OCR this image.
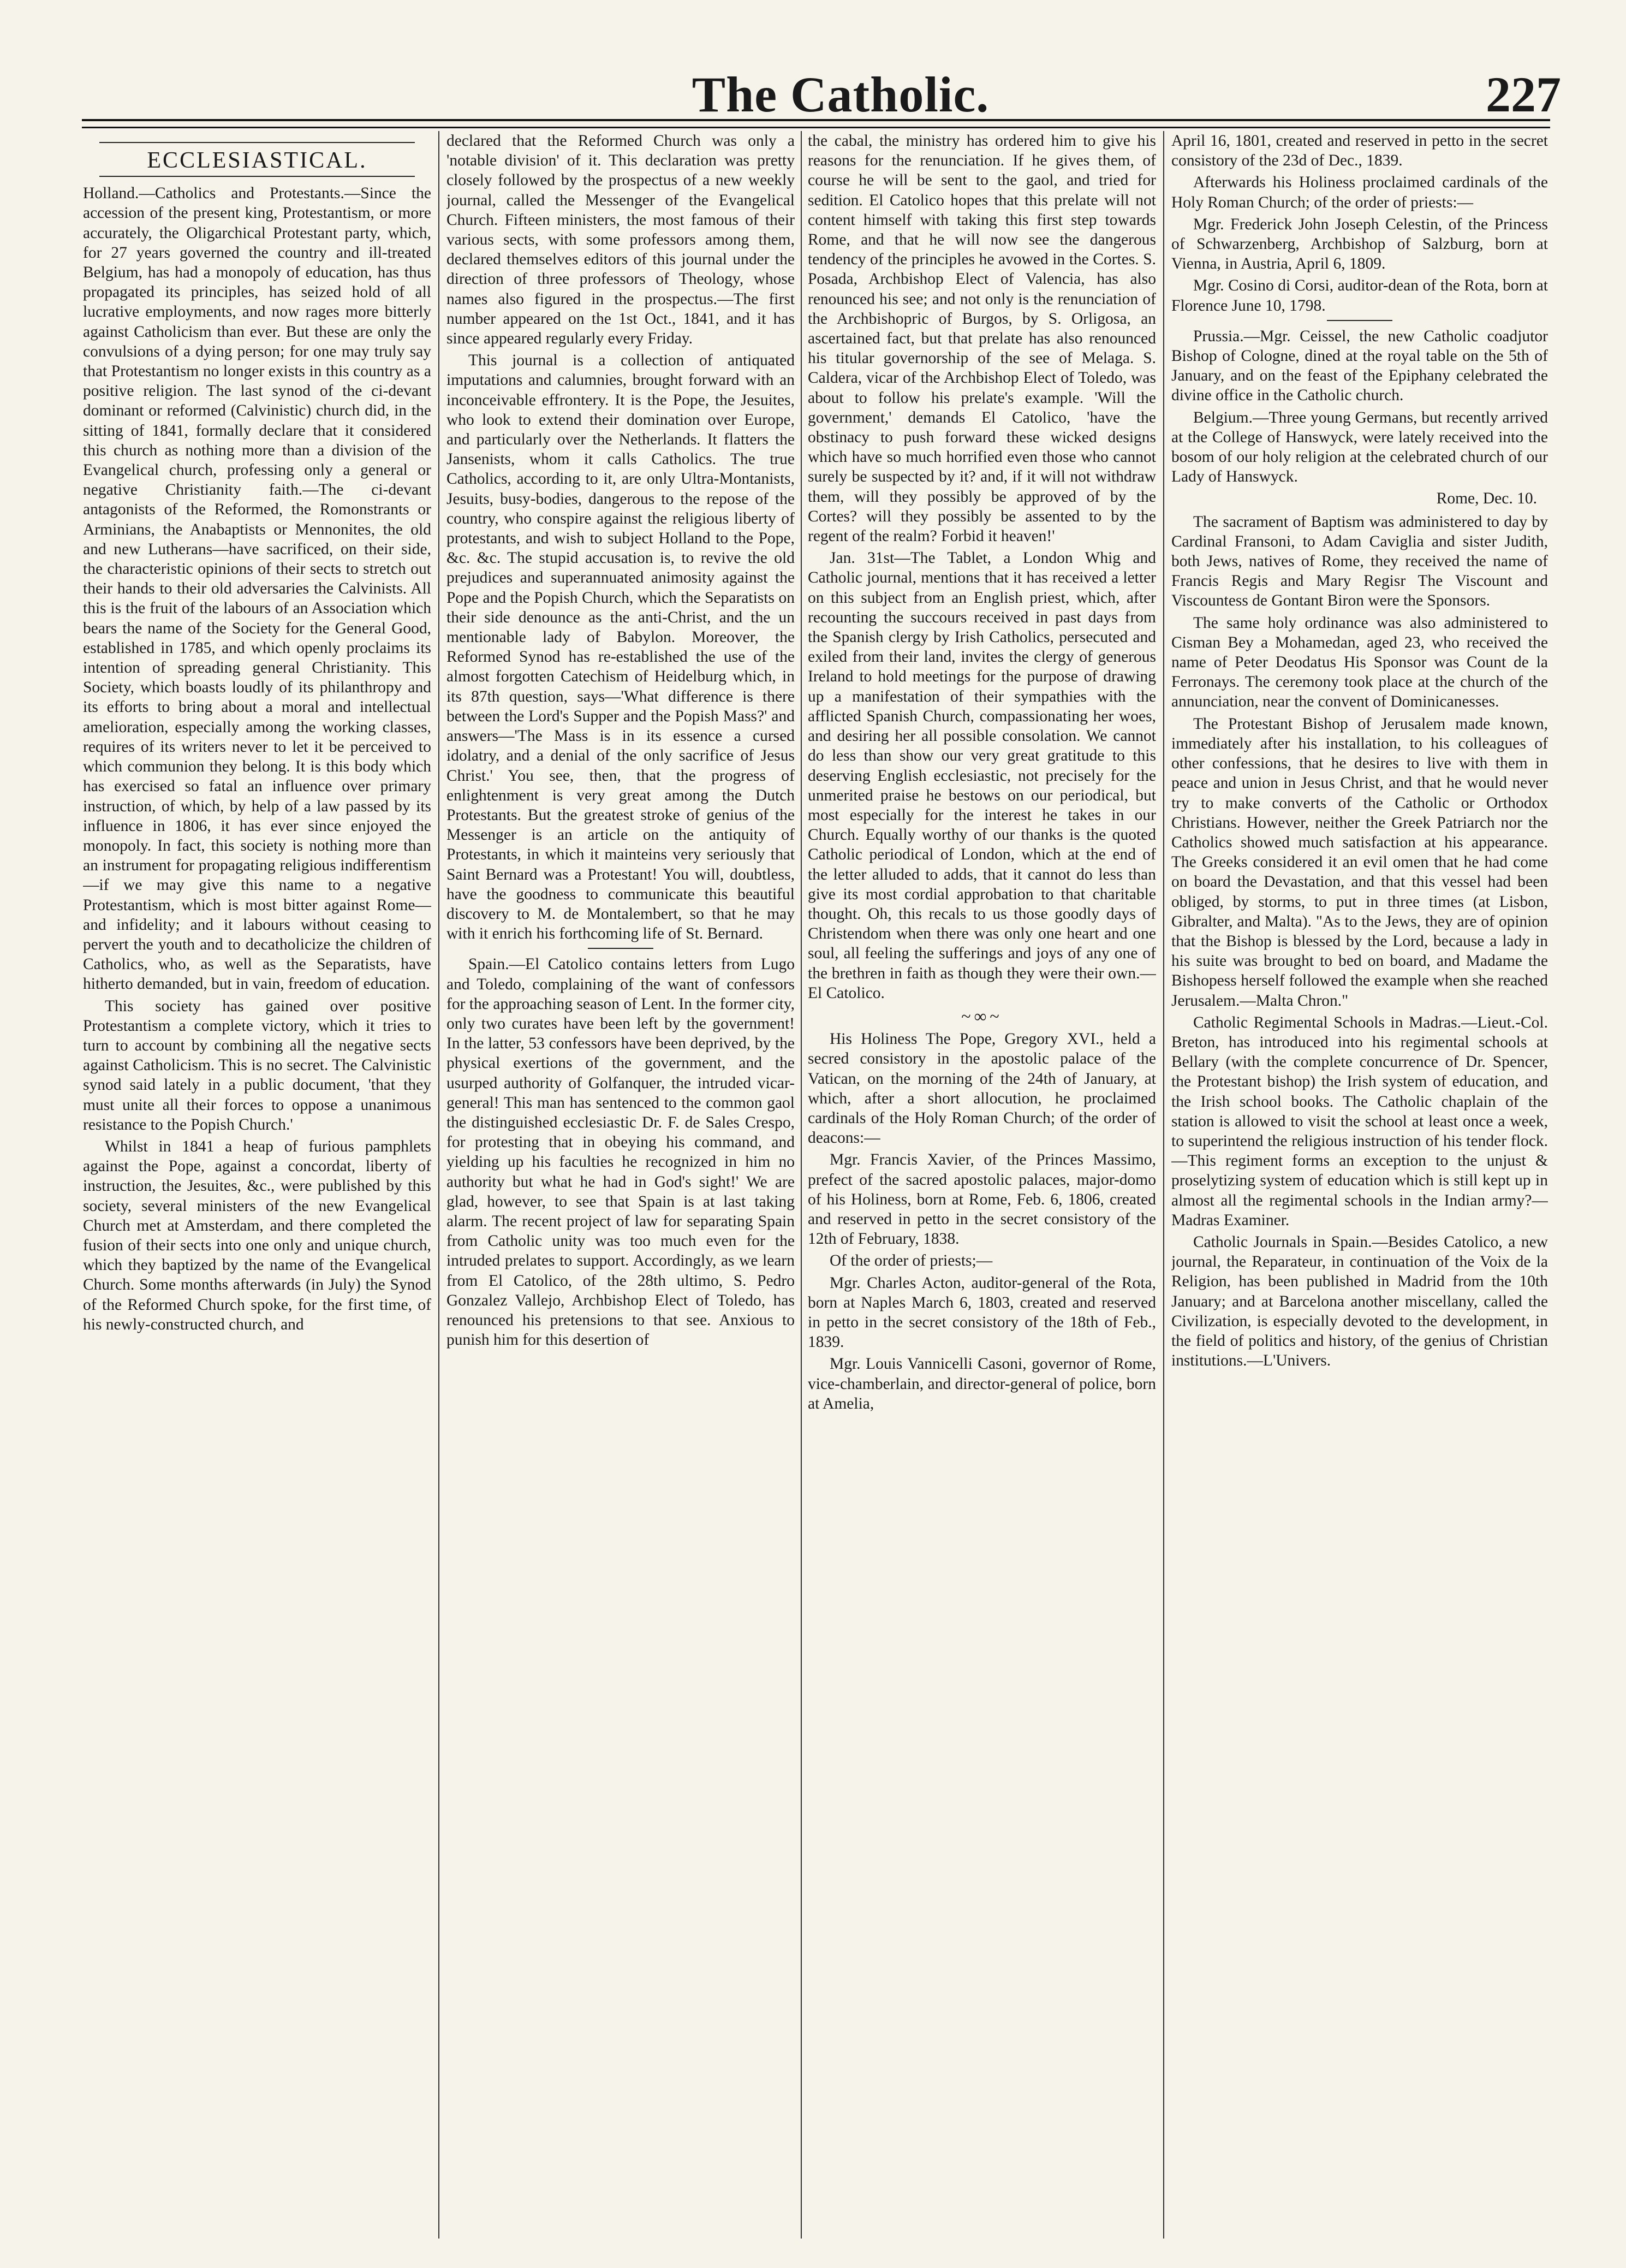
The Catholic.	227
ECCLESIASTICAL.

Holland.—Catholics and Protestants.—Since the accession of the present king, Protestantism, or more accurately, the Oligarchical Protestant party, which, for 27 years governed the country and ill-treated Belgium, has had a monopoly of education, has thus propagated its principles, has seized hold of all lucrative employments, and now rages more bitterly against Catholicism than ever. But these are only the convulsions of a dying person; for one may truly say that Protestantism no longer exists in this country as a positive religion. The last synod of the ci-devant dominant or reformed (Calvinistic) church did, in the sitting of 1841, formally declare that it considered this church as nothing more than a division of the Evangelical church, professing only a general or negative Christianity faith.—The ci-devant antagonists of the Reformed, the Romonstrants or Arminians, the Anabaptists or Mennonites, the old and new Lutherans—have sacrificed, on their side, the characteristic opinions of their sects to stretch out their hands to their old adversaries the Calvinists. All this is the fruit of the labours of an Association which bears the name of the Society for the General Good, established in 1785, and which openly proclaims its intention of spreading general Christianity. This Society, which boasts loudly of its philanthropy and its efforts to bring about a moral and intellectual amelioration, especially among the working classes, requires of its writers never to let it be perceived to which communion they belong. It is this body which has exercised so fatal an influence over primary instruction, of which, by help of a law passed by its influence in 1806, it has ever since enjoyed the monopoly. In fact, this society is nothing more than an instrument for propagating religious indifferentism—if we may give this name to a negative Protestantism, which is most bitter against Rome—and infidelity; and it labours without ceasing to pervert the youth and to decatholicize the children of Catholics, who, as well as the Separatists, have hitherto demanded, but in vain, freedom of education.

This society has gained over positive Protestantism a complete victory, which it tries to turn to account by combining all the negative sects against Catholicism. This is no secret. The Calvinistic synod said lately in a public document, 'that they must unite all their forces to oppose a unanimous resistance to the Popish Church.'

Whilst in 1841 a heap of furious pamphlets against the Pope, against a concordat, liberty of instruction, the Jesuites, &c., were published by this society, several ministers of the new Evangelical Church met at Amsterdam, and there completed the fusion of their sects into one only and unique church, which they baptized by the name of the Evangelical Church. Some months afterwards (in July) the Synod of the Reformed Church spoke, for the first time, of his newly-constructed church, and

declared that the Reformed Church was only a 'notable division' of it. This declaration was pretty closely followed by the prospectus of a new weekly journal, called the Messenger of the Evangelical Church. Fifteen ministers, the most famous of their various sects, with some professors among them, declared themselves editors of this journal under the direction of three professors of Theology, whose names also figured in the prospectus.—The first number appeared on the 1st Oct., 1841, and it has since appeared regularly every Friday.

This journal is a collection of antiquated imputations and calumnies, brought forward with an inconceivable effrontery. It is the Pope, the Jesuites, who look to extend their domination over Europe, and particularly over the Netherlands. It flatters the Jansenists, whom it calls Catholics. The true Catholics, according to it, are only Ultra-Montanists, Jesuits, busy-bodies, dangerous to the repose of the country, who conspire against the religious liberty of protestants, and wish to subject Holland to the Pope, &c. &c. The stupid accusation is, to revive the old prejudices and superannuated animosity against the Pope and the Popish Church, which the Separatists on their side denounce as the anti-Christ, and the un mentionable lady of Babylon. Moreover, the Reformed Synod has re-established the use of the almost forgotten Catechism of Heidelburg which, in its 87th question, says—'What difference is there between the Lord's Supper and the Popish Mass?' and answers—'The Mass is in its essence a cursed idolatry, and a denial of the only sacrifice of Jesus Christ.' You see, then, that the progress of enlightenment is very great among the Dutch Protestants. But the greatest stroke of genius of the Messenger is an article on the antiquity of Protestants, in which it mainteins very seriously that Saint Bernard was a Protestant! You will, doubtless, have the goodness to communicate this beautiful discovery to M. de Montalembert, so that he may with it enrich his forthcoming life of St. Bernard.

Spain.—El Catolico contains letters from Lugo and Toledo, complaining of the want of confessors for the approaching season of Lent. In the former city, only two curates have been left by the government! In the latter, 53 confessors have been deprived, by the physical exertions of the government, and the usurped authority of Golfanquer, the intruded vicar-general! This man has sentenced to the common gaol the distinguished ecclesiastic Dr. F. de Sales Crespo, for protesting that in obeying his command, and yielding up his faculties he recognized in him no authority but what he had in God's sight!' We are glad, however, to see that Spain is at last taking alarm. The recent project of law for separating Spain from Catholic unity was too much even for the intruded prelates to support. Accordingly, as we learn from El Catolico, of the 28th ultimo, S. Pedro Gonzalez Vallejo, Archbishop Elect of Toledo, has renounced his pretensions to that see. Anxious to punish him for this desertion of

the cabal, the ministry has ordered him to give his reasons for the renunciation. If he gives them, of course he will be sent to the gaol, and tried for sedition. El Catolico hopes that this prelate will not content himself with taking this first step towards Rome, and that he will now see the dangerous tendency of the principles he avowed in the Cortes. S. Posada, Archbishop Elect of Valencia, has also renounced his see; and not only is the renunciation of the Archbishopric of Burgos, by S. Orligosa, an ascertained fact, but that prelate has also renounced his titular governorship of the see of Melaga. S. Caldera, vicar of the Archbishop Elect of Toledo, was about to follow his prelate's example. 'Will the government,' demands El Catolico, 'have the obstinacy to push forward these wicked designs which have so much horrified even those who cannot surely be suspected by it? and, if it will not withdraw them, will they possibly be approved of by the Cortes? will they possibly be assented to by the regent of the realm? Forbid it heaven!'

Jan. 31st—The Tablet, a London Whig and Catholic journal, mentions that it has received a letter on this subject from an English priest, which, after recounting the succours received in past days from the Spanish clergy by Irish Catholics, persecuted and exiled from their land, invites the clergy of generous Ireland to hold meetings for the purpose of drawing up a manifestation of their sympathies with the afflicted Spanish Church, compassionating her woes, and desiring her all possible consolation. We cannot do less than show our very great gratitude to this deserving English ecclesiastic, not precisely for the unmerited praise he bestows on our periodical, but most especially for the interest he takes in our Church. Equally worthy of our thanks is the quoted Catholic periodical of London, which at the end of the letter alluded to adds, that it cannot do less than give its most cordial approbation to that charitable thought. Oh, this recals to us those goodly days of Christendom when there was only one heart and one soul, all feeling the sufferings and joys of any one of the brethren in faith as though they were their own.—El Catolico.

~∞~

His Holiness The Pope, Gregory XVI., held a secred consistory in the apostolic palace of the Vatican, on the morning of the 24th of January, at which, after a short allocution, he proclaimed cardinals of the Holy Roman Church; of the order of deacons:—

Mgr. Francis Xavier, of the Princes Massimo, prefect of the sacred apostolic palaces, major-domo of his Holiness, born at Rome, Feb. 6, 1806, created and reserved in petto in the secret consistory of the 12th of February, 1838.

Of the order of priests;—

Mgr. Charles Acton, auditor-general of the Rota, born at Naples March 6, 1803, created and reserved in petto in the secret consistory of the 18th of Feb., 1839.

Mgr. Louis Vannicelli Casoni, governor of Rome, vice-chamberlain, and director-general of police, born at Amelia,

April 16, 1801, created and reserved in petto in the secret consistory of the 23d of Dec., 1839.

Afterwards his Holiness proclaimed cardinals of the Holy Roman Church; of the order of priests:—

Mgr. Frederick John Joseph Celestin, of the Princess of Schwarzenberg, Archbishop of Salzburg, born at Vienna, in Austria, April 6, 1809.

Mgr. Cosino di Corsi, auditor-dean of the Rota, born at Florence June 10, 1798.

Prussia.—Mgr. Ceissel, the new Catholic coadjutor Bishop of Cologne, dined at the royal table on the 5th of January, and on the feast of the Epiphany celebrated the divine office in the Catholic church.

Belgium.—Three young Germans, but recently arrived at the College of Hanswyck, were lately received into the bosom of our holy religion at the celebrated church of our Lady of Hanswyck.

Rome, Dec. 10.

The sacrament of Baptism was administered to day by Cardinal Fransoni, to Adam Caviglia and sister Judith, both Jews, natives of Rome, they received the name of Francis Regis and Mary Regisr The Viscount and Viscountess de Gontant Biron were the Sponsors.

The same holy ordinance was also administered to Cisman Bey a Mohamedan, aged 23, who received the name of Peter Deodatus His Sponsor was Count de la Ferronays. The ceremony took place at the church of the annunciation, near the convent of Dominicanesses.

The Protestant Bishop of Jerusalem made known, immediately after his installation, to his colleagues of other confessions, that he desires to live with them in peace and union in Jesus Christ, and that he would never try to make converts of the Catholic or Orthodox Christians. However, neither the Greek Patriarch nor the Catholics showed much satisfaction at his appearance. The Greeks considered it an evil omen that he had come on board the Devastation, and that this vessel had been obliged, by storms, to put in three times (at Lisbon, Gibralter, and Malta). "As to the Jews, they are of opinion that the Bishop is blessed by the Lord, because a lady in his suite was brought to bed on board, and Madame the Bishopess herself followed the example when she reached Jerusalem.—Malta Chron."

Catholic Regimental Schools in Madras.—Lieut.-Col. Breton, has introduced into his regimental schools at Bellary (with the complete concurrence of Dr. Spencer, the Protestant bishop) the Irish system of education, and the Irish school books. The Catholic chaplain of the station is allowed to visit the school at least once a week, to superintend the religious instruction of his tender flock.—This regiment forms an exception to the unjust & proselytizing system of education which is still kept up in almost all the regimental schools in the Indian army?—Madras Examiner.

Catholic Journals in Spain.—Besides Catolico, a new journal, the Reparateur, in continuation of the Voix de la Religion, has been published in Madrid from the 10th January; and at Barcelona another miscellany, called the Civilization, is especially devoted to the development, in the field of politics and history, of the genius of Christian institutions.—L'Univers.
